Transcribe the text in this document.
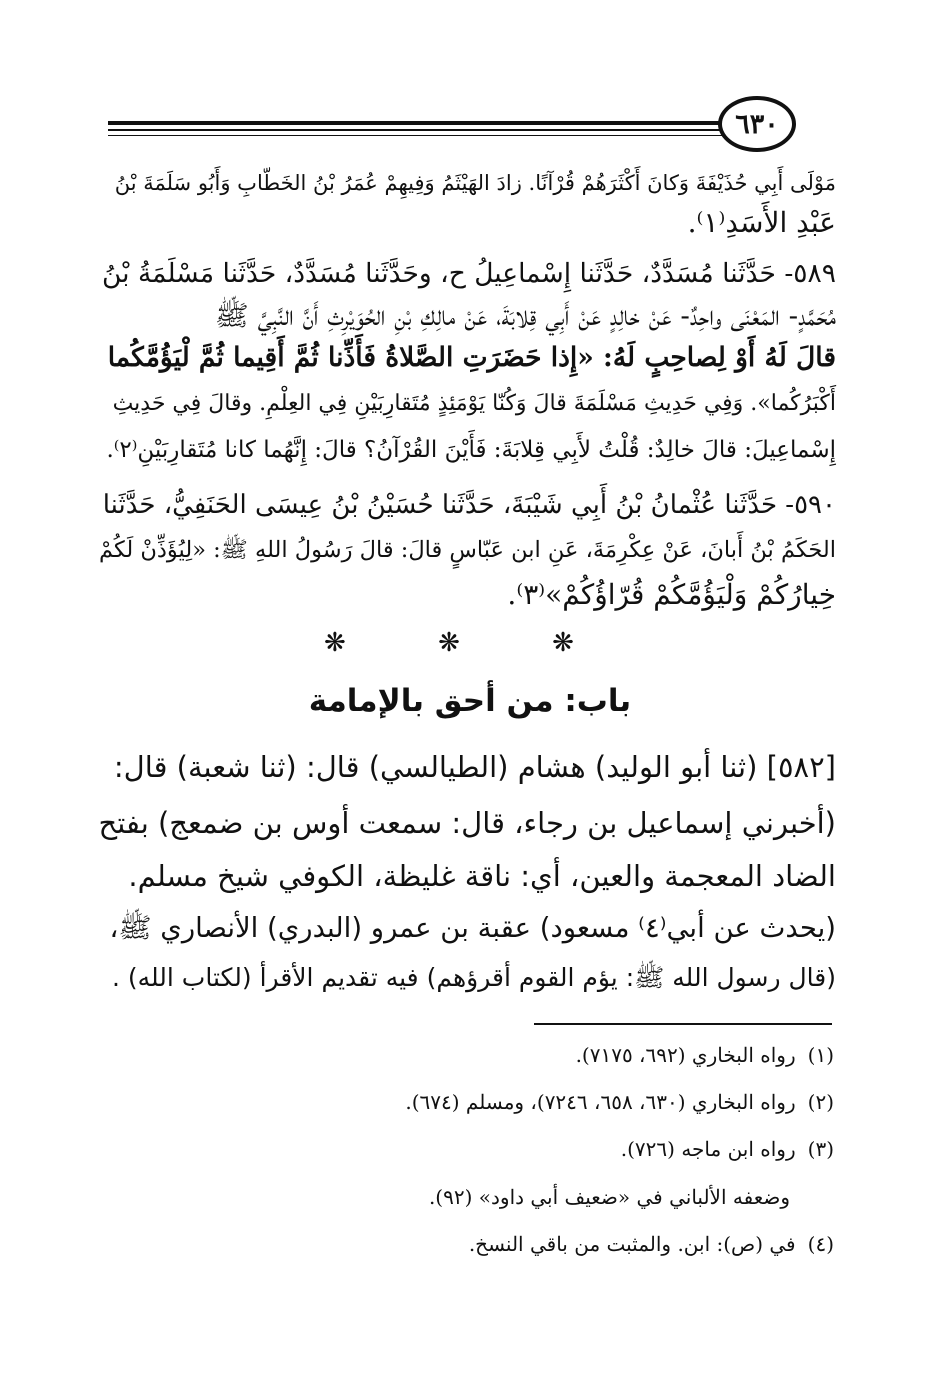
٦٣٠
مَوْلَى أَبِي حُذَيْفَةَ وَكانَ أَكْثَرَهُمْ قُرْآنًا. زادَ الهَيْثَمُ وَفِيهِمْ عُمَرُ بْنُ الخَطّابِ وَأَبُو سَلَمَةَ بْنُ
عَبْدِ الأَسَدِ⁽١⁾.
٥٨٩- حَدَّثَنا مُسَدَّدٌ، حَدَّثَنا إِسْماعِيلُ ح، وحَدَّثَنا مُسَدَّدٌ، حَدَّثَنا مَسْلَمَةُ بْنُ
مُحَمَّدٍ- المَعْنَى واحِدٌ- عَنْ خالِدٍ عَنْ أَبِي قِلابَةَ، عَنْ مالِكِ بْنِ الحُوَيْرِثِ أَنَّ النَّبِيَّ ﷺ
قالَ لَهُ أَوْ لِصاحِبٍ لَهُ: «إِذا حَضَرَتِ الصَّلاةُ فَأَذِّنا ثُمَّ أَقِيما ثُمَّ لْيَؤُمَّكُما
أَكْبَرُكُما». وَفِي حَدِيثِ مَسْلَمَةَ قالَ وَكُنّا يَوْمَئِذٍ مُتَقارِبَيْنِ فِي العِلْمِ. وقالَ فِي حَدِيثِ
إِسْماعِيلَ: قالَ خالِدٌ: قُلْتُ لأَبِي قِلابَةَ: فَأَيْنَ القُرْآنُ؟ قالَ: إِنَّهُما كانا مُتَقارِبَيْنِ⁽٢⁾.
٥٩٠- حَدَّثَنا عُثْمانُ بْنُ أَبِي شَيْبَةَ، حَدَّثَنا حُسَيْنُ بْنُ عِيسَى الحَنَفِيُّ، حَدَّثَنا
الحَكَمُ بْنُ أَبانَ، عَنْ عِكْرِمَةَ، عَنِ ابن عَبّاسٍ قالَ: قالَ رَسُولُ اللهِ ﷺ: «لِيُؤَذِّنْ لَكُمْ
خِيارُكُمْ وَلْيَؤُمَّكُمْ قُرّاؤُكُمْ»⁽٣⁾.
❋ ❋ ❋
باب: من أحق بالإمامة
[٥٨٢] (ثنا أبو الوليد) هشام (الطيالسي) قال: (ثنا شعبة) قال:
(أخبرني إسماعيل بن رجاء، قال: سمعت أوس بن ضمعج) بفتح
الضاد المعجمة والعين، أي: ناقة غليظة، الكوفي شيخ مسلم.
(يحدث عن أبي⁽٤⁾ مسعود) عقبة بن عمرو (البدري) الأنصاري ﷺ،
(قال رسول الله ﷺ: يؤم القوم أقرؤهم) فيه تقديم الأقرأ (لكتاب الله) .
(١)رواه البخاري (٦٩٢، ٧١٧٥).
(٢)رواه البخاري (٦٣٠، ٦٥٨، ٧٢٤٦)، ومسلم (٦٧٤).
(٣)رواه ابن ماجه (٧٢٦).
وضعفه الألباني في «ضعيف أبي داود» (٩٢).
(٤)في (ص): ابن. والمثبت من باقي النسخ.
